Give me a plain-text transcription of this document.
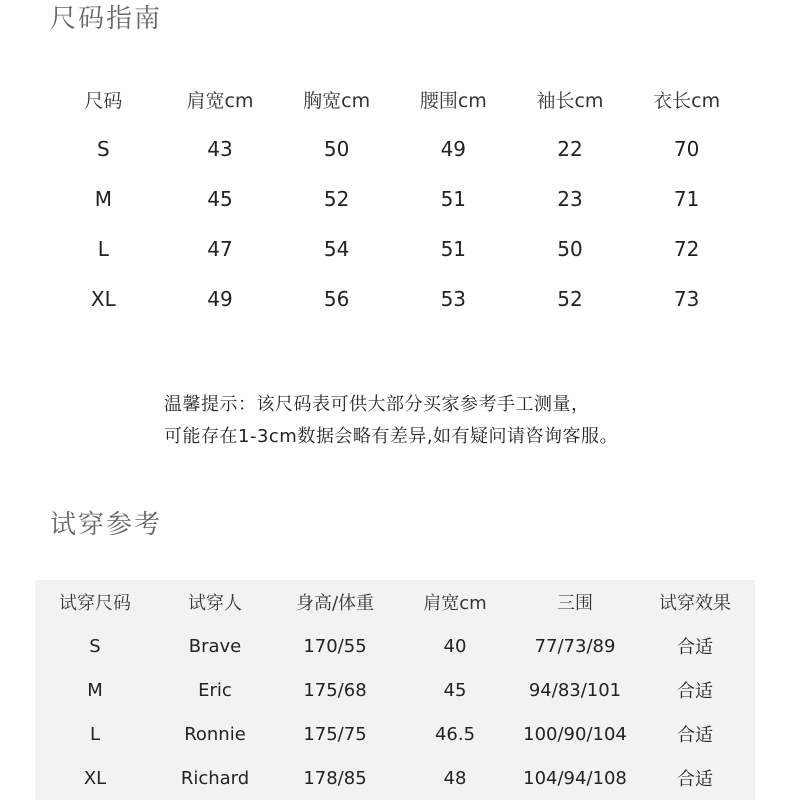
尺码指南
尺码	肩宽cm	胸宽cm	腰围cm	袖长cm	衣长cm
S	43	50	49	22	70
M	45	52	51	23	71
L	47	54	51	50	72
XL	49	56	53	52	73

温馨提示：该尺码表可供大部分买家参考手工测量，

可能存在1-3cm数据会略有差异,如有疑问请咨询客服。

试穿参考
试穿尺码	试穿人	身高/体重	肩宽cm	三围	试穿效果
S	Brave	170/55	40	77/73/89	合适
M	Eric	175/68	45	94/83/101	合适
L	Ronnie	175/75	46.5	100/90/104	合适
XL	Richard	178/85	48	104/94/108	合适
